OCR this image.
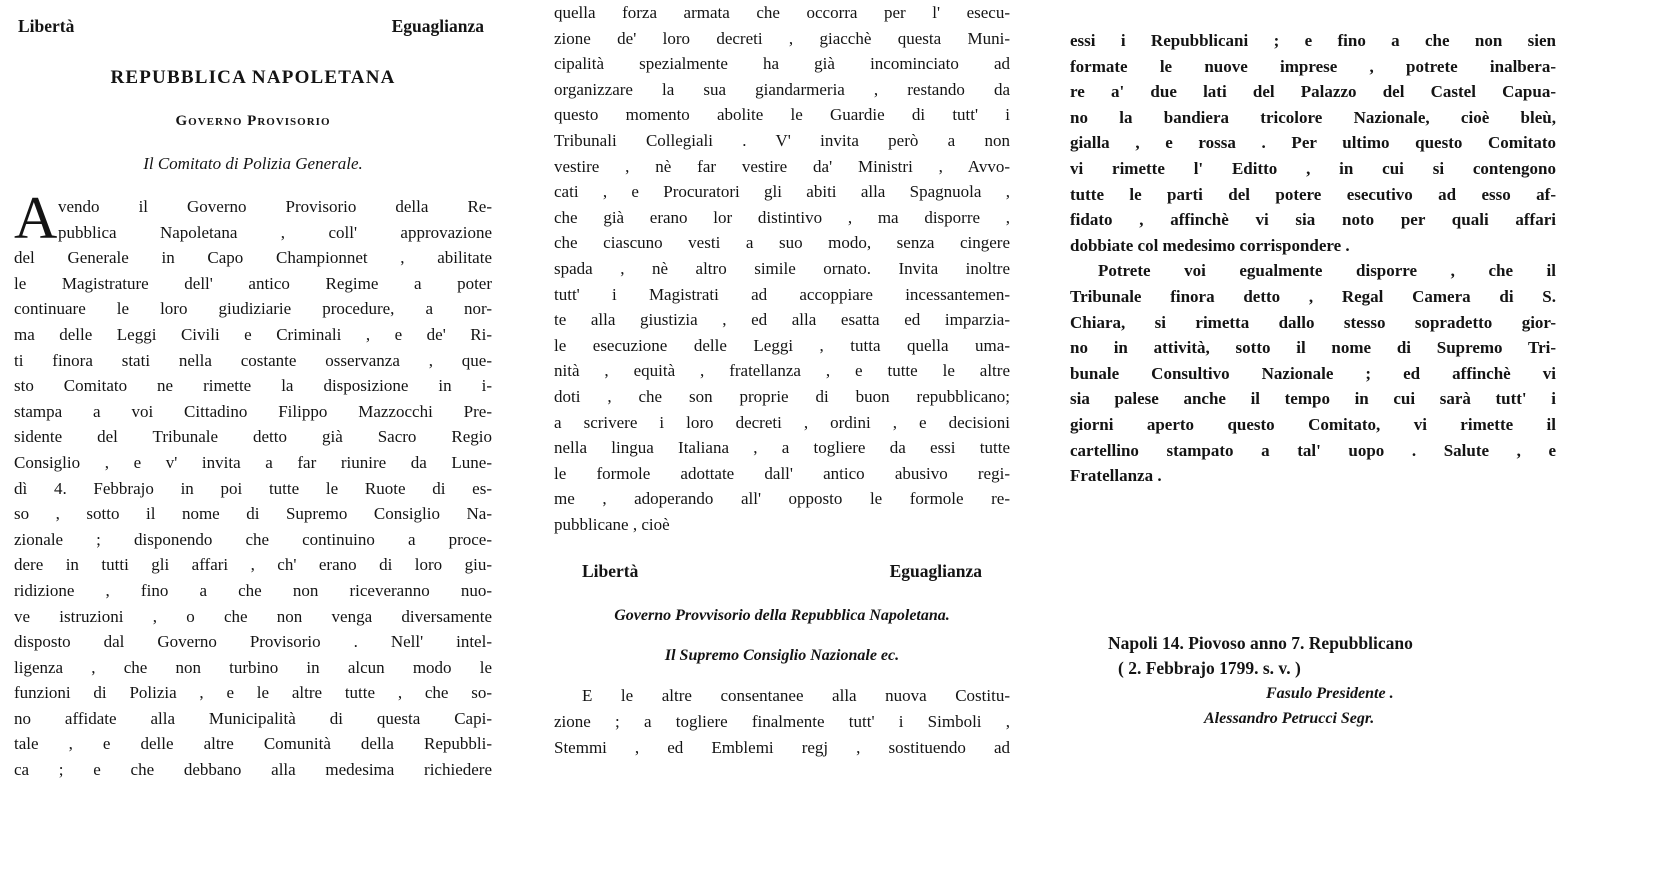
Libertà	Eguaglianza
REPUBBLICA NAPOLETANA
Governo Provisorio
Il Comitato di Polizia Generale.
A vendo il Governo Provisorio della Re-
pubblica Napoletana , coll' approvazione
del Generale in Capo Championnet , abilitate
le Magistrature dell' antico Regime a poter
continuare le loro giudiziarie procedure, a nor-
ma delle Leggi Civili e Criminali , e de' Ri-
ti finora stati nella costante osservanza , que-
sto Comitato ne rimette la disposizione in i-
stampa a voi Cittadino Filippo Mazzocchi Pre-
sidente del Tribunale detto già Sacro Regio
Consiglio , e v' invita a far riunire da Lune-
dì 4. Febbrajo in poi tutte le Ruote di es-
so , sotto il nome di Supremo Consiglio Na-
zionale ; disponendo che continuino a proce-
dere in tutti gli affari , ch' erano di loro giu-
ridizione , fino a che non riceveranno nuo-
ve istruzioni , o che non venga diversamente
disposto dal Governo Provisorio . Nell' intel-
ligenza , che non turbino in alcun modo le
funzioni di Polizia , e le altre tutte , che so-
no affidate alla Municipalità di questa Capi-
tale , e delle altre Comunità della Repubbli-
ca ; e che debbano alla medesima richiedere
quella forza armata che occorra per l' esecu-
zione de' loro decreti , giacchè questa Muni-
cipalità spezialmente ha già incominciato ad
organizzare la sua giandarmeria , restando da
questo momento abolite le Guardie di tutt' i
Tribunali Collegiali . V' invita però a non
vestire , nè far vestire da' Ministri , Avvo-
cati , e Procuratori gli abiti alla Spagnuola ,
che già erano lor distintivo , ma disporre ,
che ciascuno vesti a suo modo, senza cingere
spada , nè altro simile ornato. Invita inoltre
tutt' i Magistrati ad accoppiare incessantemen-
te alla giustizia , ed alla esatta ed imparzia-
le esecuzione delle Leggi , tutta quella uma-
nità , equità , fratellanza , e tutte le altre
doti , che son proprie di buon repubblicano;
a scrivere i loro decreti , ordini , e decisioni
nella lingua Italiana , a togliere da essi tutte
le formole adottate dall' antico abusivo regi-
me , adoperando all' opposto le formole re-
pubblicane , cioè
Libertà	Eguaglianza
Governo Provvisorio della Repubblica Napoletana.
Il Supremo Consiglio Nazionale ec.
E le altre consentanee alla nuova Costitu-
zione ; a togliere finalmente tutt' i Simboli ,
Stemmi , ed Emblemi regj , sostituendo ad
essi i Repubblicani ; e fino a che non sien
formate le nuove imprese , potrete inalbera-
re a' due lati del Palazzo del Castel Capua-
no la bandiera tricolore Nazionale, cioè bleù,
gialla , e rossa . Per ultimo questo Comitato
vi rimette l' Editto , in cui si contengono
tutte le parti del potere esecutivo ad esso af-
fidato , affinchè vi sia noto per quali affari
dobbiate col medesimo corrispondere .
Potrete voi egualmente disporre , che il
Tribunale finora detto , Regal Camera di S.
Chiara, si rimetta dallo stesso sopradetto gior-
no in attività, sotto il nome di Supremo Tri-
bunale Consultivo Nazionale ; ed affinchè vi
sia palese anche il tempo in cui sarà tutt' i
giorni aperto questo Comitato, vi rimette il
cartellino stampato a tal' uopo . Salute , e
Fratellanza .
Napoli 14. Piovoso anno 7. Repubblicano
( 2. Febbrajo 1799. s. v. )
Fasulo Presidente .
Alessandro Petrucci Segr.
